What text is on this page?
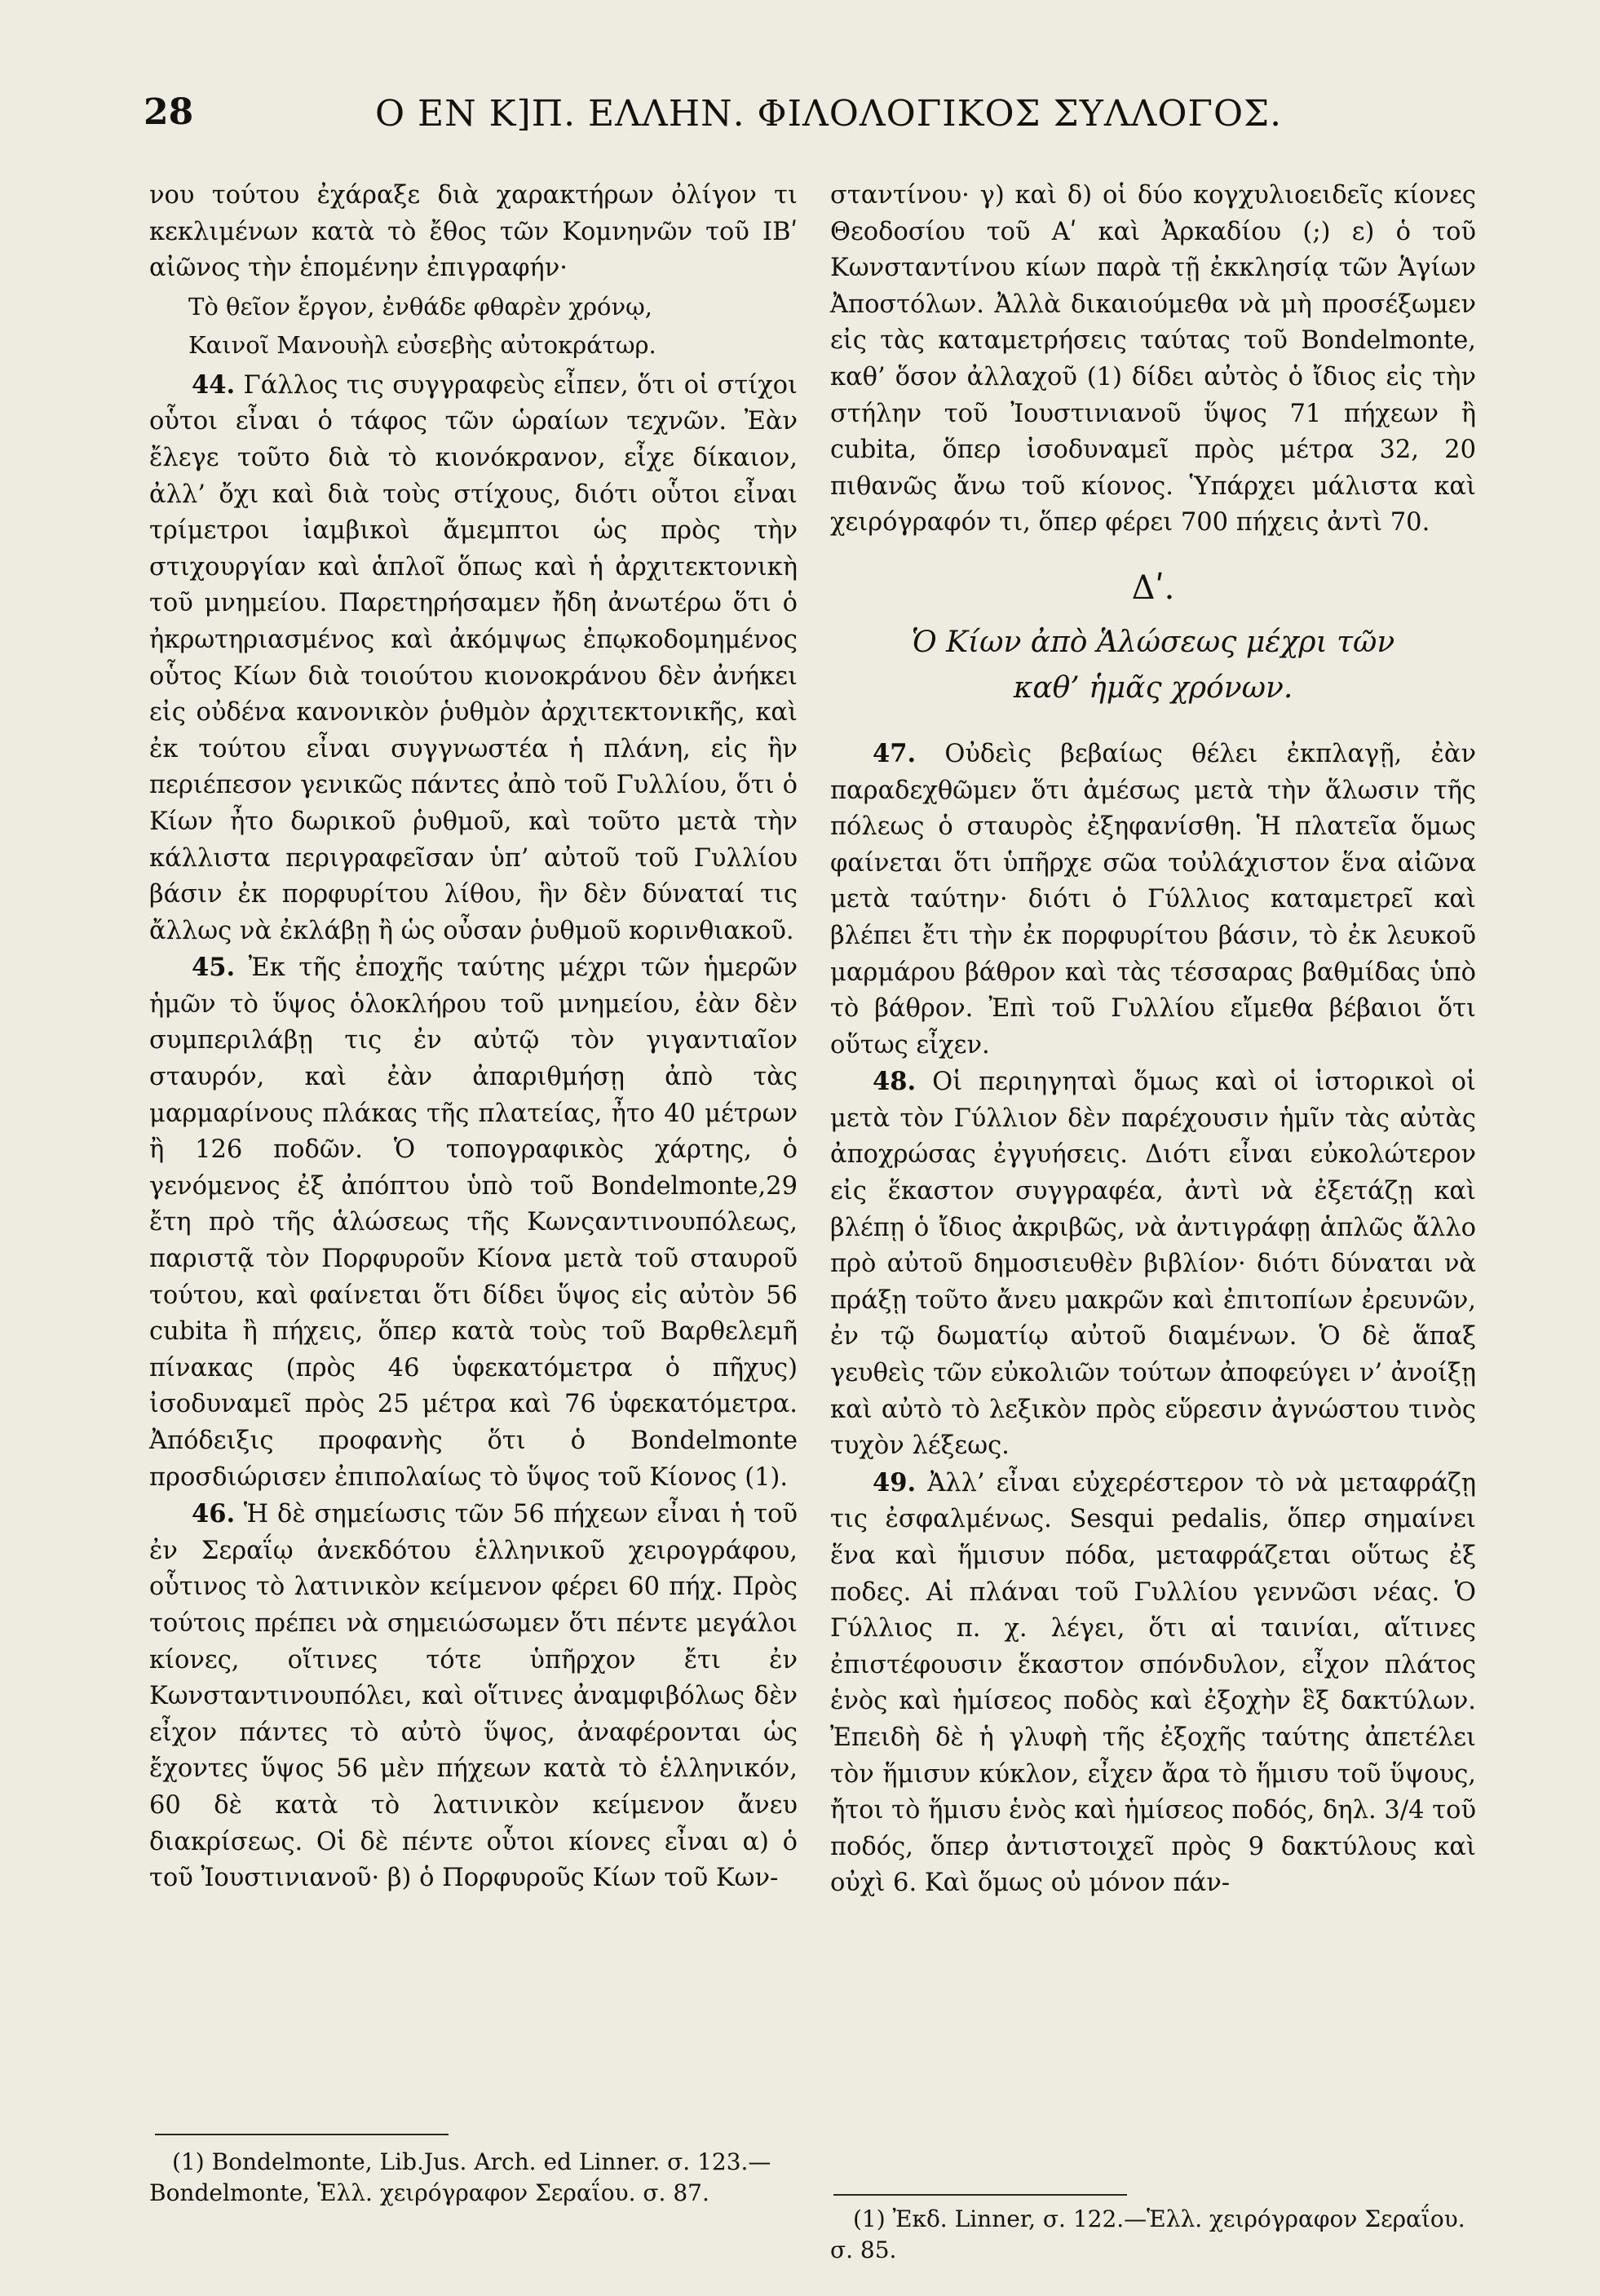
28	Ο ΕΝ Κ]Π. ΕΛΛΗΝ. ΦΙΛΟΛΟΓΙΚΟΣ ΣΥΛΛΟΓΟΣ.

νου τούτου ἐχάραξε διὰ χαρακτήρων ὀλίγον τι κεκλιμένων κατὰ τὸ ἔθος τῶν Κομνηνῶν τοῦ ΙΒʹ αἰῶνος τὴν ἑπομένην ἐπιγραφήν·

Τὸ θεῖον ἔργον, ἐνθάδε φθαρὲν χρόνῳ,

Καινοῖ Μανουὴλ εὐσεβὴς αὐτοκράτωρ.

44. Γάλλος τις συγγραφεὺς εἶπεν, ὅτι οἱ στίχοι οὗτοι εἶναι ὁ τάφος τῶν ὡραίων τεχνῶν. Ἐὰν ἔλεγε τοῦτο διὰ τὸ κιονόκρανον, εἶχε δίκαιον, ἀλλ’ ὄχι καὶ διὰ τοὺς στίχους, διότι οὗτοι εἶναι τρίμετροι ἰαμβικοὶ ἄμεμπτοι ὡς πρὸς τὴν στιχουργίαν καὶ ἁπλοῖ ὅπως καὶ ἡ ἀρχιτεκτονικὴ τοῦ μνημείου. Παρετηρήσαμεν ἤδη ἀνωτέρω ὅτι ὁ ἠκρωτηριασμένος καὶ ἀκόμψως ἐπῳκοδομημένος οὗτος Κίων διὰ τοιούτου κιονοκράνου δὲν ἀνήκει εἰς οὐδένα κανονικὸν ῥυθμὸν ἀρχιτεκτονικῆς, καὶ ἐκ τούτου εἶναι συγγνωστέα ἡ πλάνη, εἰς ἣν περιέπεσον γενικῶς πάντες ἀπὸ τοῦ Γυλλίου, ὅτι ὁ Κίων ἦτο δωρικοῦ ῥυθμοῦ, καὶ τοῦτο μετὰ τὴν κάλλιστα περιγραφεῖσαν ὑπ’ αὐτοῦ τοῦ Γυλλίου βάσιν ἐκ πορφυρίτου λίθου, ἣν δὲν δύναταί τις ἄλλως νὰ ἐκλάβῃ ἢ ὡς οὖσαν ῥυθμοῦ κορινθιακοῦ.

45. Ἐκ τῆς ἐποχῆς ταύτης μέχρι τῶν ἡμερῶν ἡμῶν τὸ ὕψος ὁλοκλήρου τοῦ μνημείου, ἐὰν δὲν συμπεριλάβῃ τις ἐν αὐτῷ τὸν γιγαντιαῖον σταυρόν, καὶ ἐὰν ἀπαριθμήσῃ ἀπὸ τὰς μαρμαρίνους πλάκας τῆς πλατείας, ἦτο 40 μέτρων ἢ 126 ποδῶν. Ὁ τοπογραφικὸς χάρτης, ὁ γενόμενος ἐξ ἀπόπτου ὑπὸ τοῦ Bondelmonte,29 ἔτη πρὸ τῆς ἁλώσεως τῆς Κωνςαντινουπόλεως, παριστᾷ τὸν Πορφυροῦν Κίονα μετὰ τοῦ σταυροῦ τούτου, καὶ φαίνεται ὅτι δίδει ὕψος εἰς αὐτὸν 56 cubita ἢ πήχεις, ὅπερ κατὰ τοὺς τοῦ Βαρθελεμῆ πίνακας (πρὸς 46 ὑφεκατόμετρα ὁ πῆχυς) ἰσοδυναμεῖ πρὸς 25 μέτρα καὶ 76 ὑφεκατόμετρα. Ἀπόδειξις προφανὴς ὅτι ὁ Bondelmonte προσδιώρισεν ἐπιπολαίως τὸ ὕψος τοῦ Κίονος (1).

46. Ἡ δὲ σημείωσις τῶν 56 πήχεων εἶναι ἡ τοῦ ἐν Σεραΐῳ ἀνεκδότου ἑλληνικοῦ χειρογράφου, οὗτινος τὸ λατινικὸν κείμενον φέρει 60 πήχ. Πρὸς τούτοις πρέπει νὰ σημειώσωμεν ὅτι πέντε μεγάλοι κίονες, οἵτινες τότε ὑπῆρχον ἔτι ἐν Κωνσταντινουπόλει, καὶ οἵτινες ἀναμφιβόλως δὲν εἶχον πάντες τὸ αὐτὸ ὕψος, ἀναφέρονται ὡς ἔχοντες ὕψος 56 μὲν πήχεων κατὰ τὸ ἑλληνικόν, 60 δὲ κατὰ τὸ λατινικὸν κείμενον ἄνευ διακρίσεως. Οἱ δὲ πέντε οὗτοι κίονες εἶναι α) ὁ τοῦ Ἰουστινιανοῦ· β) ὁ Πορφυροῦς Κίων τοῦ Κων-

σταντίνου· γ) καὶ δ) οἱ δύο κογχυλιοειδεῖς κίονες Θεοδοσίου τοῦ Αʹ καὶ Ἀρκαδίου (;) ε) ὁ τοῦ Κωνσταντίνου κίων παρὰ τῇ ἐκκλησίᾳ τῶν Ἁγίων Ἀποστόλων. Ἀλλὰ δικαιούμεθα νὰ μὴ προσέξωμεν εἰς τὰς καταμετρήσεις ταύτας τοῦ Bondelmonte, καθ’ ὅσον ἀλλαχοῦ (1) δίδει αὐτὸς ὁ ἴδιος εἰς τὴν στήλην τοῦ Ἰουστινιανοῦ ὕψος 71 πήχεων ἢ cubita, ὅπερ ἰσοδυναμεῖ πρὸς μέτρα 32, 20 πιθανῶς ἄνω τοῦ κίονος. Ὑπάρχει μάλιστα καὶ χειρόγραφόν τι, ὅπερ φέρει 700 πήχεις ἀντὶ 70.

Δʹ.
Ὁ Κίων ἀπὸ Ἁλώσεως μέχρι τῶν
καθ’ ἡμᾶς χρόνων.

47. Οὐδεὶς βεβαίως θέλει ἐκπλαγῇ, ἐὰν παραδεχθῶμεν ὅτι ἀμέσως μετὰ τὴν ἅλωσιν τῆς πόλεως ὁ σταυρὸς ἐξηφανίσθη. Ἡ πλατεῖα ὅμως φαίνεται ὅτι ὑπῆρχε σῶα τοὐλάχιστον ἕνα αἰῶνα μετὰ ταύτην· διότι ὁ Γύλλιος καταμετρεῖ καὶ βλέπει ἔτι τὴν ἐκ πορφυρίτου βάσιν, τὸ ἐκ λευκοῦ μαρμάρου βάθρον καὶ τὰς τέσσαρας βαθμίδας ὑπὸ τὸ βάθρον. Ἐπὶ τοῦ Γυλλίου εἴμεθα βέβαιοι ὅτι οὕτως εἶχεν.

48. Οἱ περιηγηταὶ ὅμως καὶ οἱ ἱστορικοὶ οἱ μετὰ τὸν Γύλλιον δὲν παρέχουσιν ἡμῖν τὰς αὐτὰς ἀποχρώσας ἐγγυήσεις. Διότι εἶναι εὐκολώτερον εἰς ἕκαστον συγγραφέα, ἀντὶ νὰ ἐξετάζῃ καὶ βλέπῃ ὁ ἴδιος ἀκριβῶς, νὰ ἀντιγράφῃ ἁπλῶς ἄλλο πρὸ αὐτοῦ δημοσιευθὲν βιβλίον· διότι δύναται νὰ πράξῃ τοῦτο ἄνευ μακρῶν καὶ ἐπιτοπίων ἐρευνῶν, ἐν τῷ δωματίῳ αὐτοῦ διαμένων. Ὁ δὲ ἅπαξ γευθεὶς τῶν εὐκολιῶν τούτων ἀποφεύγει ν’ ἀνοίξῃ καὶ αὐτὸ τὸ λεξικὸν πρὸς εὕρεσιν ἀγνώστου τινὸς τυχὸν λέξεως.

49. Ἀλλ’ εἶναι εὐχερέστερον τὸ νὰ μεταφράζῃ τις ἐσφαλμένως. Sesqui pedalis, ὅπερ σημαίνει ἕνα καὶ ἥμισυν πόδα, μεταφράζεται οὕτως ἐξ ποδες. Αἱ πλάναι τοῦ Γυλλίου γεννῶσι νέας. Ὁ Γύλλιος π. χ. λέγει, ὅτι αἱ ταινίαι, αἵτινες ἐπιστέφουσιν ἕκαστον σπόνδυλον, εἶχον πλάτος ἑνὸς καὶ ἡμίσεος ποδὸς καὶ ἐξοχὴν ἓξ δακτύλων. Ἐπειδὴ δὲ ἡ γλυφὴ τῆς ἐξοχῆς ταύτης ἀπετέλει τὸν ἥμισυν κύκλον, εἶχεν ἄρα τὸ ἥμισυ τοῦ ὕψους, ἤτοι τὸ ἥμισυ ἑνὸς καὶ ἡμίσεος ποδός, δηλ. 3/4 τοῦ ποδός, ὅπερ ἀντιστοιχεῖ πρὸς 9 δακτύλους καὶ οὐχὶ 6. Καὶ ὅμως οὐ μόνον πάν-

(1) Bondelmonte, Lib.Jus. Arch. ed Linner. σ. 123.—Bondelmonte, Ἑλλ. χειρόγραφον Σεραΐου. σ. 87.

(1) Ἐκδ. Linner, σ. 122.—Ἑλλ. χειρόγραφον Σεραΐου. σ. 85.
